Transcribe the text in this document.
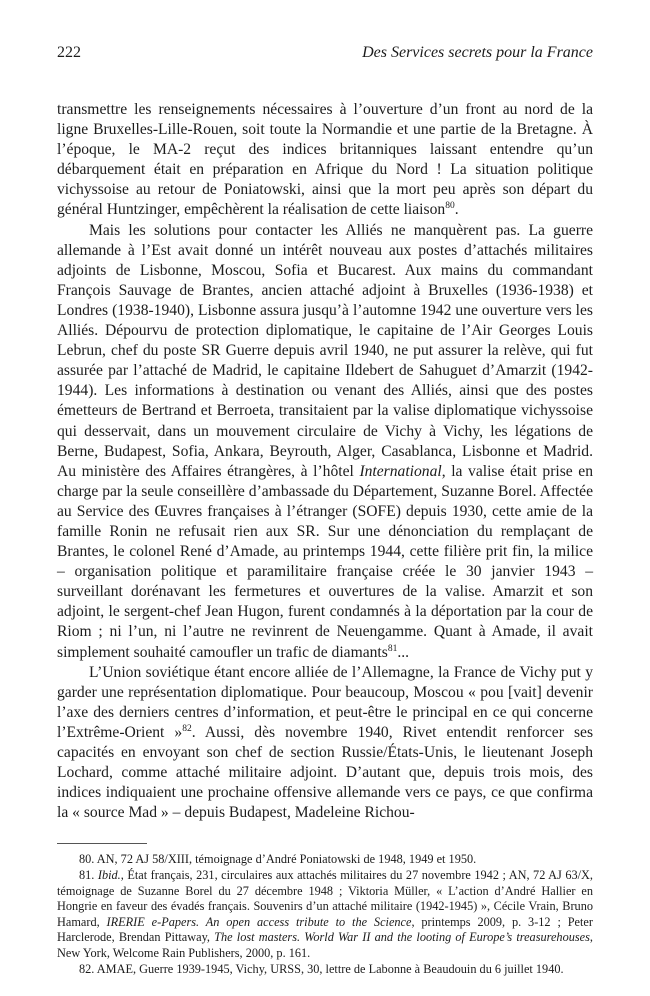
222	Des Services secrets pour la France

transmettre les renseignements nécessaires à l’ouverture d’un front au nord de la ligne Bruxelles-Lille-Rouen, soit toute la Normandie et une partie de la Bretagne. À l’époque, le MA-2 reçut des indices britanniques laissant entendre qu’un débarquement était en préparation en Afrique du Nord ! La situation politique vichyssoise au retour de Poniatowski, ainsi que la mort peu après son départ du général Huntzinger, empêchèrent la réalisation de cette liaison$^{80}$.

Mais les solutions pour contacter les Alliés ne manquèrent pas. La guerre allemande à l’Est avait donné un intérêt nouveau aux postes d’attachés militaires adjoints de Lisbonne, Moscou, Sofia et Bucarest. Aux mains du commandant François Sauvage de Brantes, ancien attaché adjoint à Bruxelles (1936-1938) et Londres (1938-1940), Lisbonne assura jusqu’à l’automne 1942 une ouverture vers les Alliés. Dépourvu de protection diplomatique, le capitaine de l’Air Georges Louis Lebrun, chef du poste SR Guerre depuis avril 1940, ne put assurer la relève, qui fut assurée par l’attaché de Madrid, le capitaine Ildebert de Sahuguet d’Amarzit (1942-1944). Les informations à destination ou venant des Alliés, ainsi que des postes émetteurs de Bertrand et Berroeta, transitaient par la valise diplomatique vichyssoise qui desservait, dans un mouvement circulaire de Vichy à Vichy, les légations de Berne, Budapest, Sofia, Ankara, Beyrouth, Alger, Casablanca, Lisbonne et Madrid. Au ministère des Affaires étrangères, à l’hôtel International, la valise était prise en charge par la seule conseillère d’ambassade du Département, Suzanne Borel. Affectée au Service des Œuvres françaises à l’étranger (SOFE) depuis 1930, cette amie de la famille Ronin ne refusait rien aux SR. Sur une dénonciation du remplaçant de Brantes, le colonel René d’Amade, au printemps 1944, cette filière prit fin, la milice – organisation politique et paramilitaire française créée le 30 janvier 1943 – surveillant dorénavant les fermetures et ouvertures de la valise. Amarzit et son adjoint, le sergent-chef Jean Hugon, furent condamnés à la déportation par la cour de Riom ; ni l’un, ni l’autre ne revinrent de Neuengamme. Quant à Amade, il avait simplement souhaité camoufler un trafic de diamants$^{81}$...

L’Union soviétique étant encore alliée de l’Allemagne, la France de Vichy put y garder une représentation diplomatique. Pour beaucoup, Moscou « pou [vait] devenir l’axe des derniers centres d’information, et peut-être le principal en ce qui concerne l’Extrême-Orient »$^{82}$. Aussi, dès novembre 1940, Rivet entendit renforcer ses capacités en envoyant son chef de section Russie/États-Unis, le lieutenant Joseph Lochard, comme attaché militaire adjoint. D’autant que, depuis trois mois, des indices indiquaient une prochaine offensive allemande vers ce pays, ce que confirma la « source Mad » – depuis Budapest, Madeleine Richou-

80. AN, 72 AJ 58/XIII, témoignage d’André Poniatowski de 1948, 1949 et 1950.

81. Ibid., État français, 231, circulaires aux attachés militaires du 27 novembre 1942 ; AN, 72 AJ 63/X, témoignage de Suzanne Borel du 27 décembre 1948 ; Viktoria Müller, « L’action d’André Hallier en Hongrie en faveur des évadés français. Souvenirs d’un attaché militaire (1942-1945) », Cécile Vrain, Bruno Hamard, IRERIE e-Papers. An open access tribute to the Science, printemps 2009, p. 3-12 ; Peter Harclerode, Brendan Pittaway, The lost masters. World War II and the looting of Europe’s treasurehouses, New York, Welcome Rain Publishers, 2000, p. 161.

82. AMAE, Guerre 1939-1945, Vichy, URSS, 30, lettre de Labonne à Beaudouin du 6 juillet 1940.
